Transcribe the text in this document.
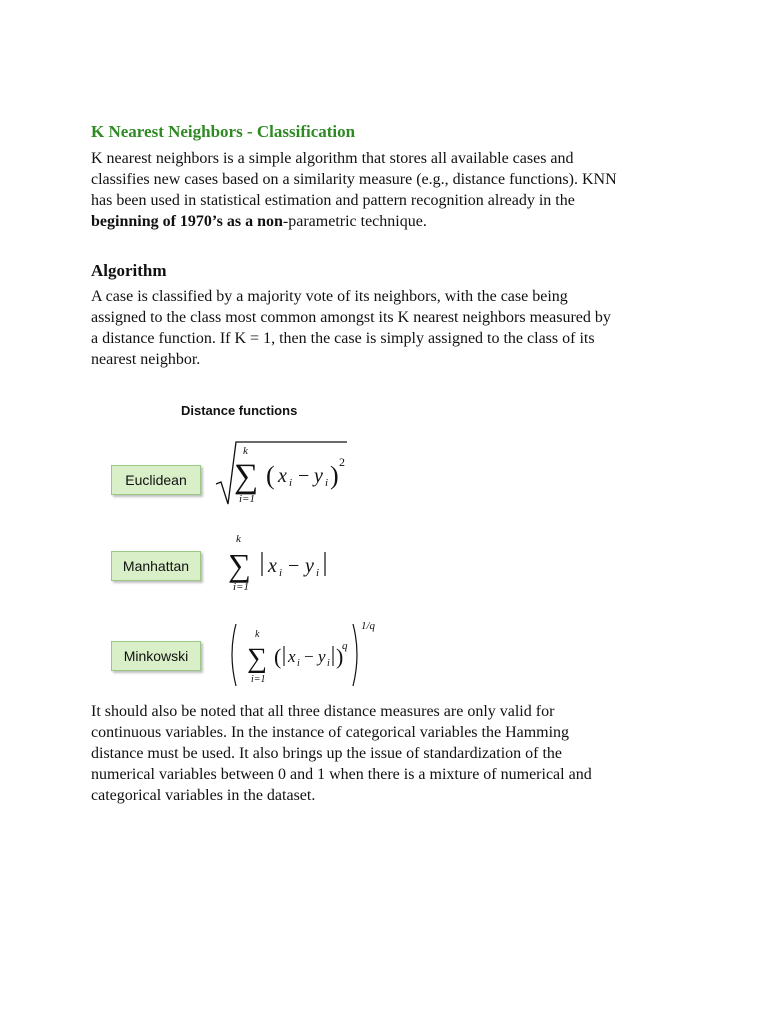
K Nearest Neighbors - Classification
K nearest neighbors is a simple algorithm that stores all available cases and classifies new cases based on a similarity measure (e.g., distance functions). KNN has been used in statistical estimation and pattern recognition already in the beginning of 1970’s as a non-parametric technique.
Algorithm
A case is classified by a majority vote of its neighbors, with the case being assigned to the class most common amongst its K nearest neighbors measured by a distance function. If K = 1, then the case is simply assigned to the class of its nearest neighbor.
Distance functions
Euclidean
Manhattan
Minkowski
k
∑
i=1
( x i − y i ) 2
k
∑
i=1
x i − y i
k
∑
i=1
( x i − y i )
q
1/q
It should also be noted that all three distance measures are only valid for continuous variables. In the instance of categorical variables the Hamming distance must be used. It also brings up the issue of standardization of the numerical variables between 0 and 1 when there is a mixture of numerical and categorical variables in the dataset.
